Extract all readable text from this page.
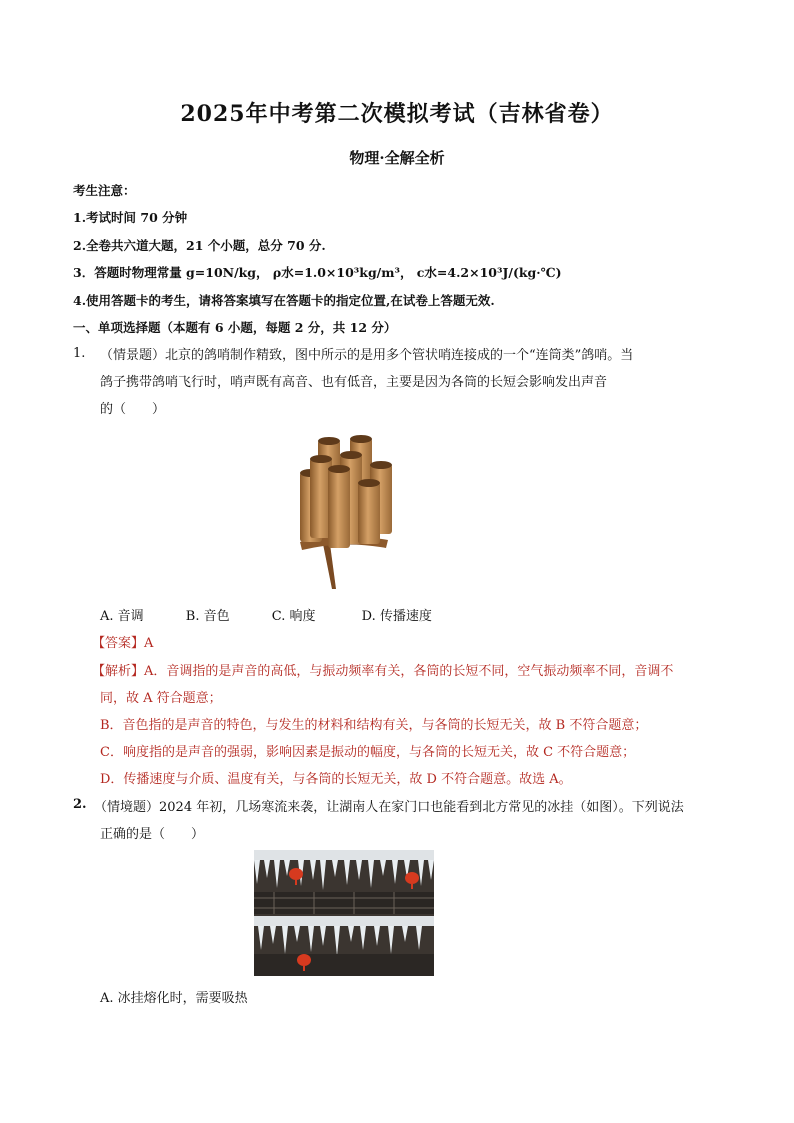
2025年中考第二次模拟考试（吉林省卷）
物理·全解全析
考生注意：
1.考试时间 70 分钟
2.全卷共六道大题，21 个小题，总分 70 分.
3．答题时物理常量 g=10N/kg， ρ水=1.0×10³kg/m³， c水=4.2×10³J/(kg·℃)
4.使用答题卡的考生，请将答案填写在答题卡的指定位置,在试卷上答题无效.
一、单项选择题（本题有 6 小题，每题 2 分，共 12 分）
1. （情景题）北京的鸽哨制作精致，图中所示的是用多个管状哨连接成的一个“连筒类”鸽哨。当
鸽子携带鸽哨飞行时，哨声既有高音、也有低音，主要是因为各筒的长短会影响发出声音
的（　　）
A. 音调	B. 音色	C. 响度	D. 传播速度
【答案】A
【解析】A．音调指的是声音的高低，与振动频率有关，各筒的长短不同，空气振动频率不同，音调不
同，故 A 符合题意；
B．音色指的是声音的特色，与发生的材料和结构有关，与各筒的长短无关，故 B 不符合题意；
C．响度指的是声音的强弱，影响因素是振动的幅度，与各筒的长短无关，故 C 不符合题意；
D．传播速度与介质、温度有关，与各筒的长短无关，故 D 不符合题意。故选 A。
2. （情境题）2024 年初，几场寒流来袭，让湖南人在家门口也能看到北方常见的冰挂（如图）。下列说法
正确的是（　　）
A. 冰挂熔化时，需要吸热
